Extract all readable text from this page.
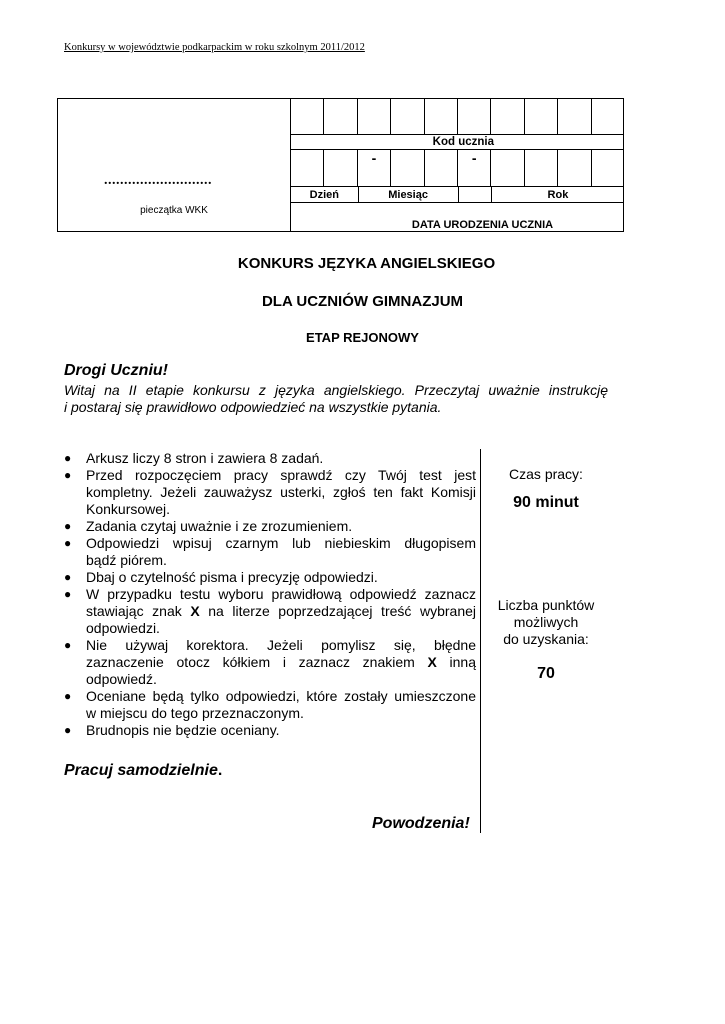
Konkursy w województwie podkarpackim w roku szkolnym 2011/2012
...........................
pieczątka WKK
Kod ucznia
-	-
Dzień	Miesiąc	Rok
DATA URODZENIA UCZNIA
KONKURS JĘZYKA ANGIELSKIEGO
DLA UCZNIÓW GIMNAZJUM
ETAP REJONOWY
Drogi Uczniu!
Witaj na II etapie konkursu z języka angielskiego. Przeczytaj uważnie instrukcję
i postaraj się prawidłowo odpowiedzieć na wszystkie pytania.
● Arkusz liczy 8 stron i zawiera 8 zadań.
● Przed rozpoczęciem pracy sprawdź czy Twój test jest
kompletny. Jeżeli zauważysz usterki, zgłoś ten fakt Komisji
Konkursowej.
● Zadania czytaj uważnie i ze zrozumieniem.
● Odpowiedzi wpisuj czarnym lub niebieskim długopisem
bądź piórem.
● Dbaj o czytelność pisma i precyzję odpowiedzi.
● W przypadku testu wyboru prawidłową odpowiedź zaznacz
stawiając znak X na literze poprzedzającej treść wybranej
odpowiedzi.
● Nie używaj korektora. Jeżeli pomylisz się, błędne
zaznaczenie otocz kółkiem i zaznacz znakiem X inną
odpowiedź.
● Oceniane będą tylko odpowiedzi, które zostały umieszczone
w miejscu do tego przeznaczonym.
● Brudnopis nie będzie oceniany.
Czas pracy:
90 minut
Liczba punktów
możliwych
do uzyskania:
70
Pracuj samodzielnie.
Powodzenia!
